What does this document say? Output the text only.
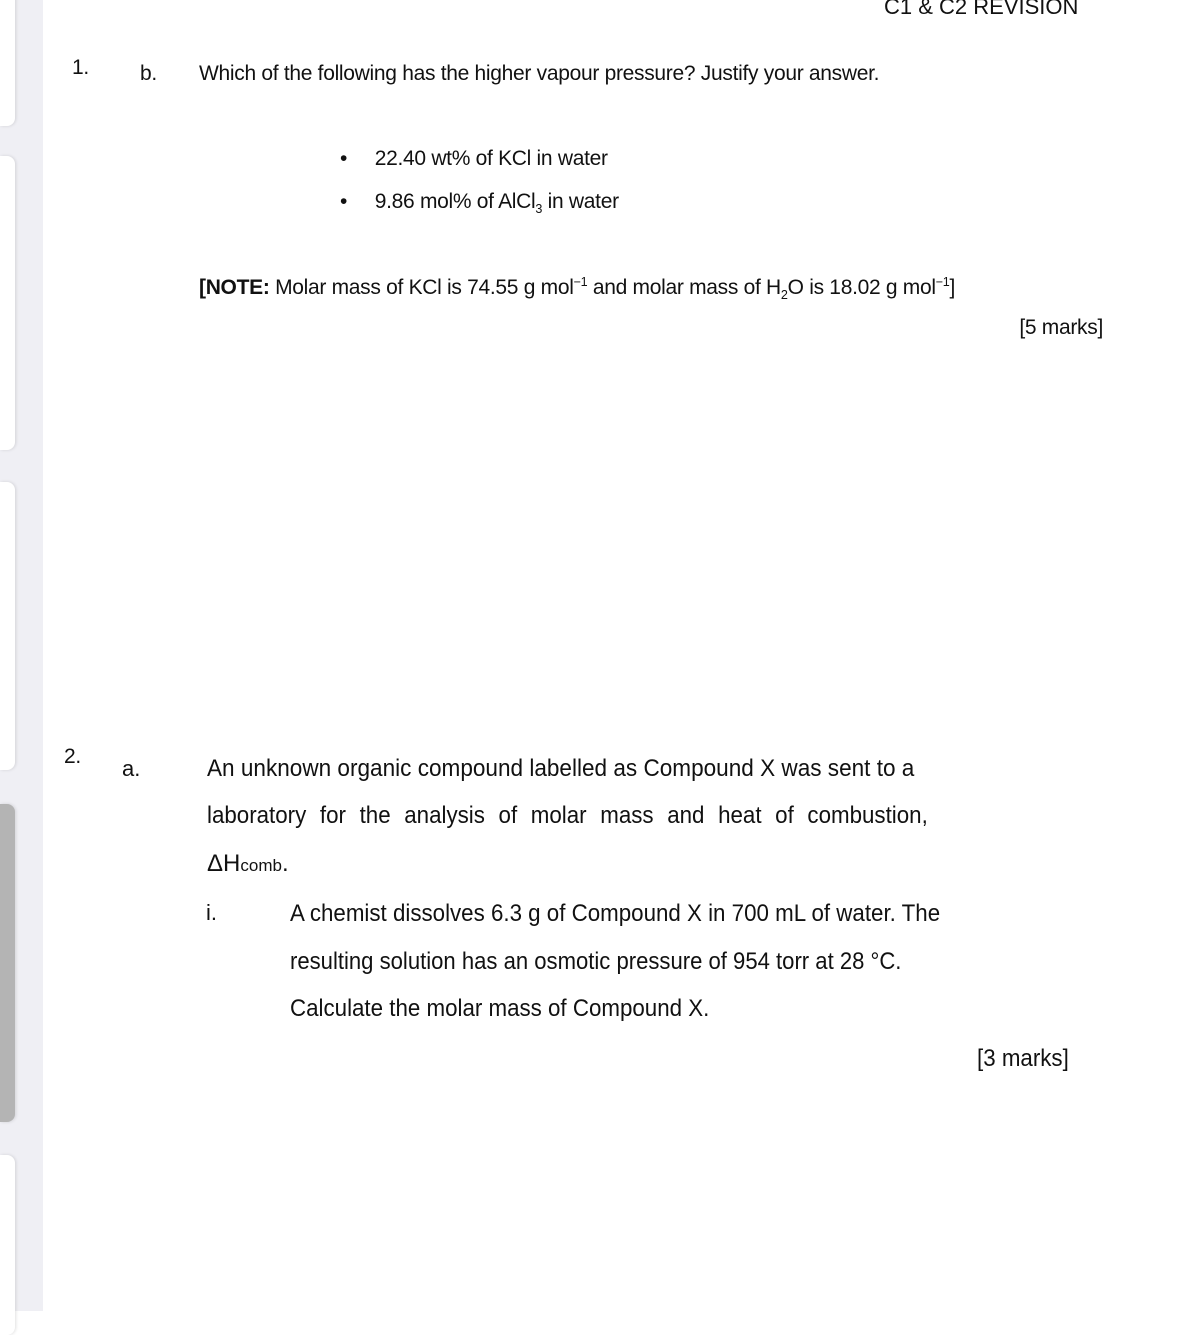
C1 & C2 REVISION
1. b. Which of the following has the higher vapour pressure? Justify your answer.
•     22.40 wt% of KCl in water
•     9.86 mol% of AlCl$_3$ in water
[NOTE: Molar mass of KCl is 74.55 g mol$^{-1}$ and molar mass of $H_2O$ is 18.02 g mol$^{-1}$]
[5 marks]
2. a.	An unknown organic compound labelled as Compound X was sent to a
laboratory for the analysis of molar mass and heat of combustion,
ΔHcomb.
i.	A chemist dissolves 6.3 g of Compound X in 700 mL of water. The
resulting solution has an osmotic pressure of 954 torr at 28 °C.
Calculate the molar mass of Compound X.
[3 marks]
